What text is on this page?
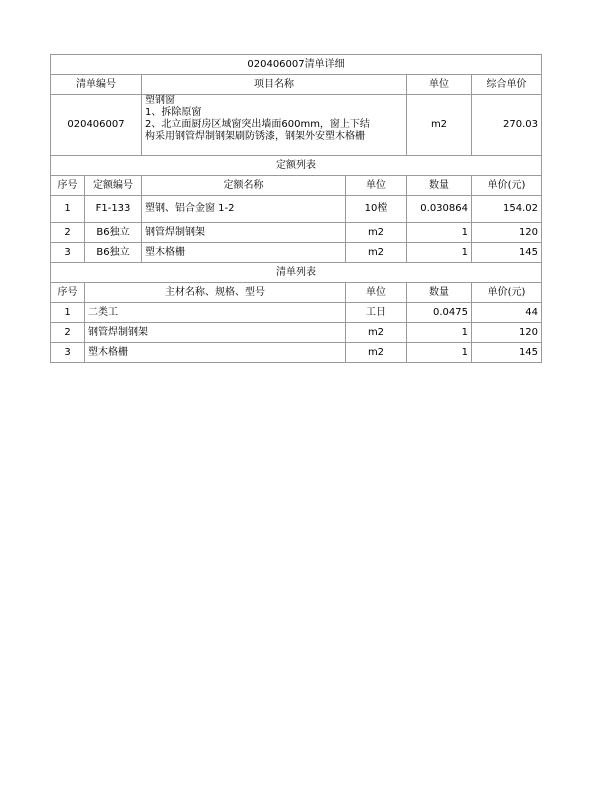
020406007清单详细						
清单编号		项目名称		单位	综合单价	
020406007		塑钢窗
1、拆除原窗
2、北立面厨房区域窗突出墙面600mm，窗上下结
构采用钢管焊制钢架刷防锈漆，钢架外安塑木格栅		m2	270.03	
定额列表						
序号	定额编号	定额名称	单位	数量	单价(元)	
1	F1-133	塑钢、铝合金窗 1-2	10樘	0.030864	154.02	
2	B6独立	钢管焊制钢架	m2	1	120	
3	B6独立	塑木格栅	m2	1	145	
清单列表						
序号	主材名称、规格、型号		单位	数量	单价(元)	
1	二类工		工日	0.0475	44	
2	钢管焊制钢架		m2	1	120	
3	塑木格栅		m2	1	145	
